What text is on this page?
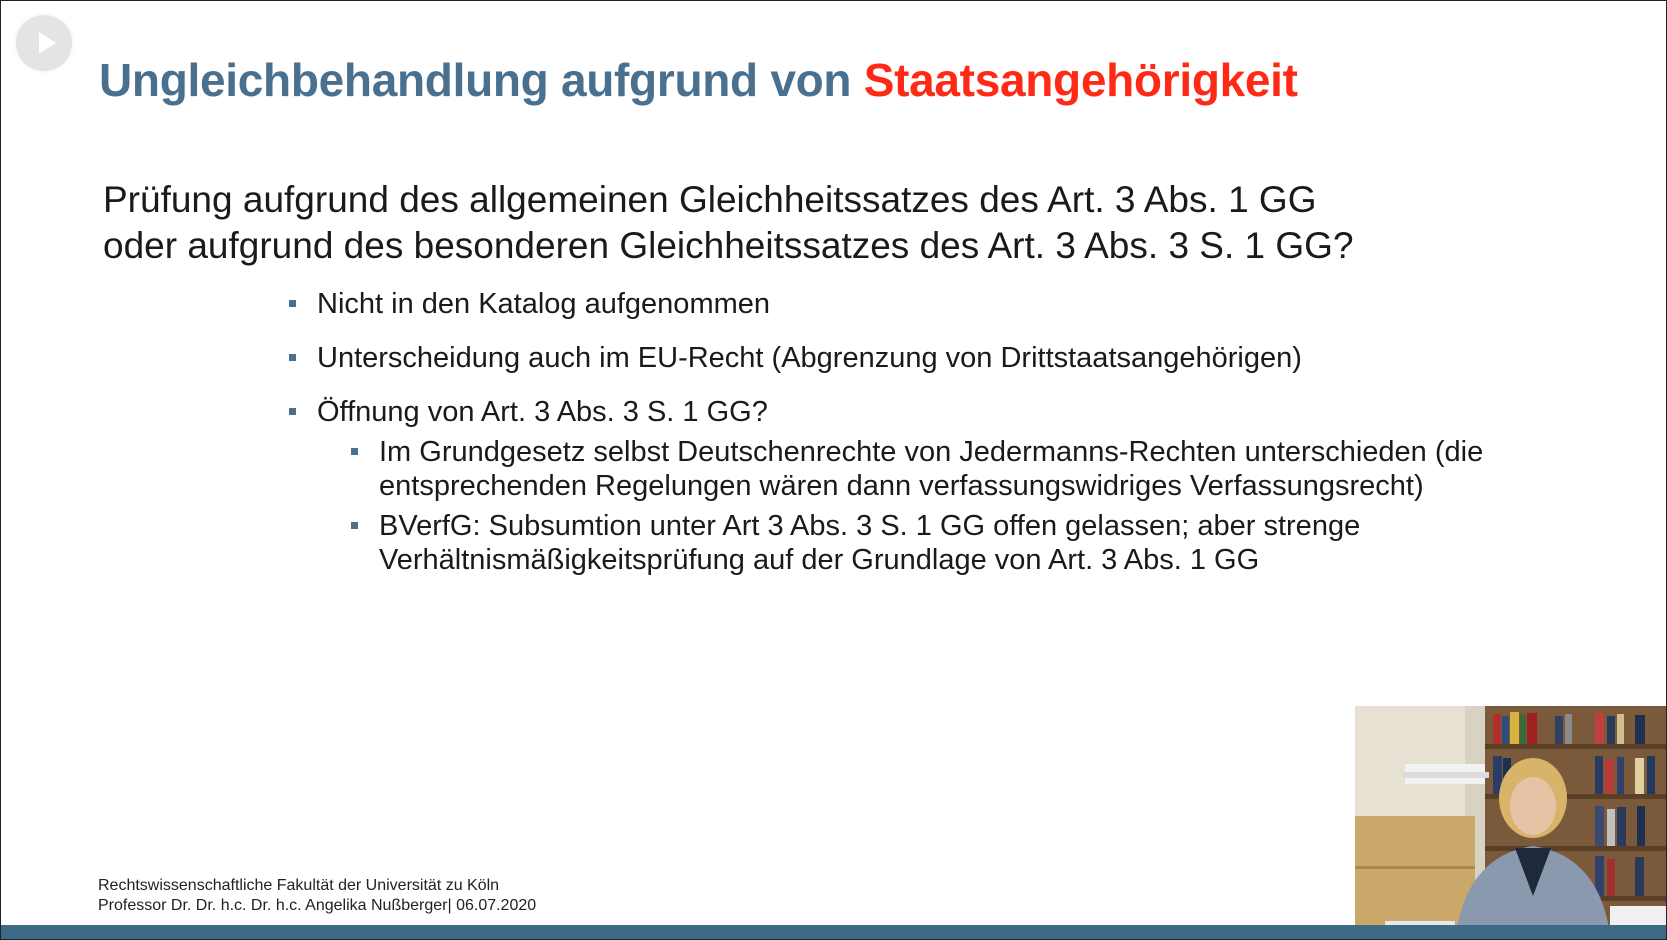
Ungleichbehandlung aufgrund von Staatsangehörigkeit
Prüfung aufgrund des allgemeinen Gleichheitssatzes des Art. 3 Abs. 1 GG
oder aufgrund des besonderen Gleichheitssatzes des Art. 3 Abs. 3 S. 1 GG?
Nicht in den Katalog aufgenommen
Unterscheidung auch im EU-Recht (Abgrenzung von Drittstaatsangehörigen)
Öffnung von Art. 3 Abs. 3 S. 1 GG?
Im Grundgesetz selbst Deutschenrechte von Jedermanns-Rechten unterschieden (die entsprechenden Regelungen wären dann verfassungswidriges Verfassungsrecht)
BVerfG: Subsumtion unter Art 3 Abs. 3 S. 1 GG offen gelassen; aber strenge Verhältnismäßigkeitsprüfung auf der Grundlage von Art. 3 Abs. 1 GG
Rechtswissenschaftliche Fakultät der Universität zu Köln
Professor Dr. Dr. h.c. Dr. h.c. Angelika Nußberger| 06.07.2020
